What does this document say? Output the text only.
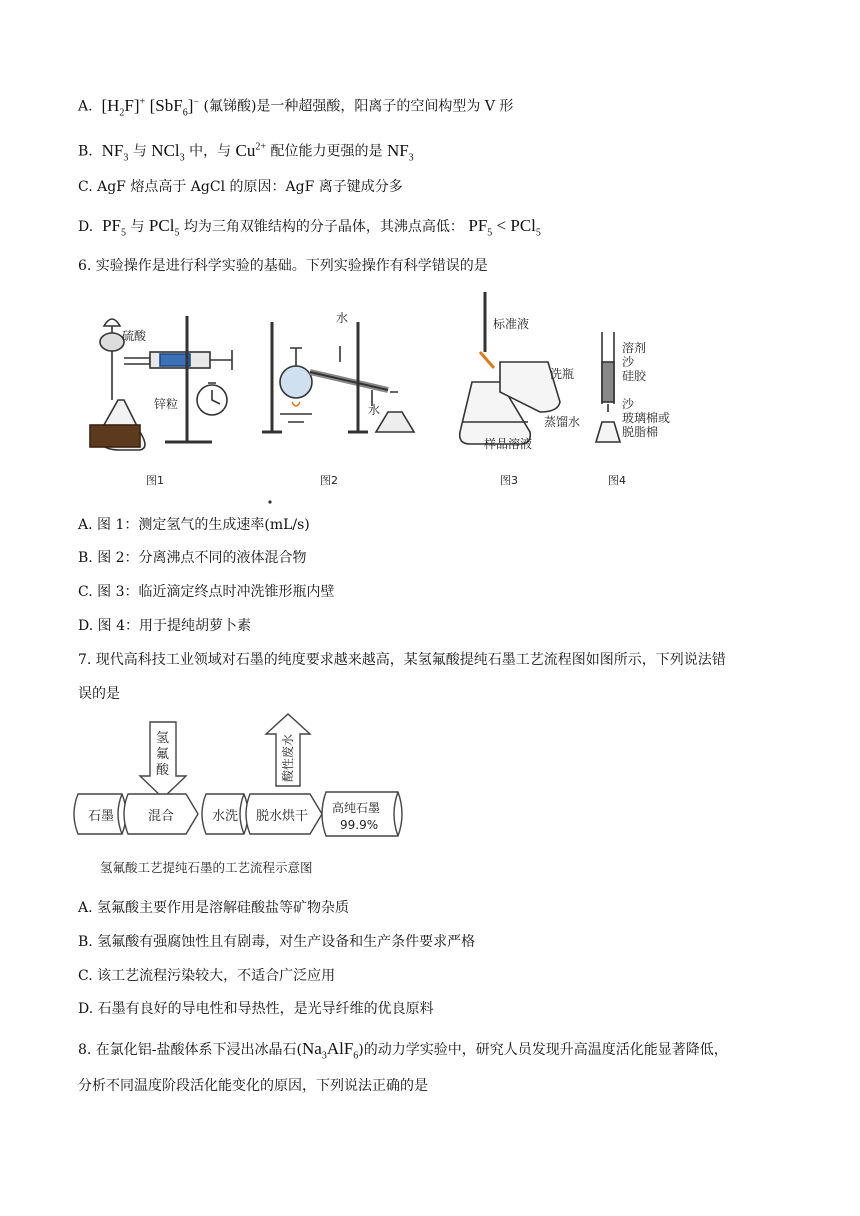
A. $[H_2F]^+$ [SbF$_6$]− (氟锑酸)是一种超强酸，阳离子的空间构型为 V 形
B. $NF_3$ 与 NCl$_3$ 中，与 $Cu^{2+}$ 配位能力更强的是 $NF_3$
C. AgF 熔点高于 AgCl 的原因：AgF 离子键成分多
D. $PF_5$ 与 PCl$_5$ 均为三角双锥结构的分子晶体，其沸点高低： $PF_5 < PCl_5$
6. 实验操作是进行科学实验的基础。下列实验操作有科学错误的是
硫酸
锌粒
水
水
标准液
洗瓶
蒸馏水
样品溶液
溶剂
沙
硅胶
沙
玻璃棉或
脱脂棉
图1	图2	图3	图4
A. 图 1：测定氢气的生成速率(mL/s)
B. 图 2：分离沸点不同的液体混合物
C. 图 3：临近滴定终点时冲洗锥形瓶内壁
D. 图 4：用于提纯胡萝卜素
7. 现代高科技工业领域对石墨的纯度要求越来越高，某氢氟酸提纯石墨工艺流程图如图所示，下列说法错
误的是
氢
氟
酸	酸性废水
石墨	混合	水洗 脱水烘干
高纯石墨
99.9%
氢氟酸工艺提纯石墨的工艺流程示意图
A. 氢氟酸主要作用是溶解硅酸盐等矿物杂质
B. 氢氟酸有强腐蚀性且有剧毒，对生产设备和生产条件要求严格
C. 该工艺流程污染较大，不适合广泛应用
D. 石墨有良好的导电性和导热性，是光导纤维的优良原料
8. 在氯化铝-盐酸体系下浸出冰晶石$(Na_3AlF_6)$的动力学实验中，研究人员发现升高温度活化能显著降低，
分析不同温度阶段活化能变化的原因，下列说法正确的是
